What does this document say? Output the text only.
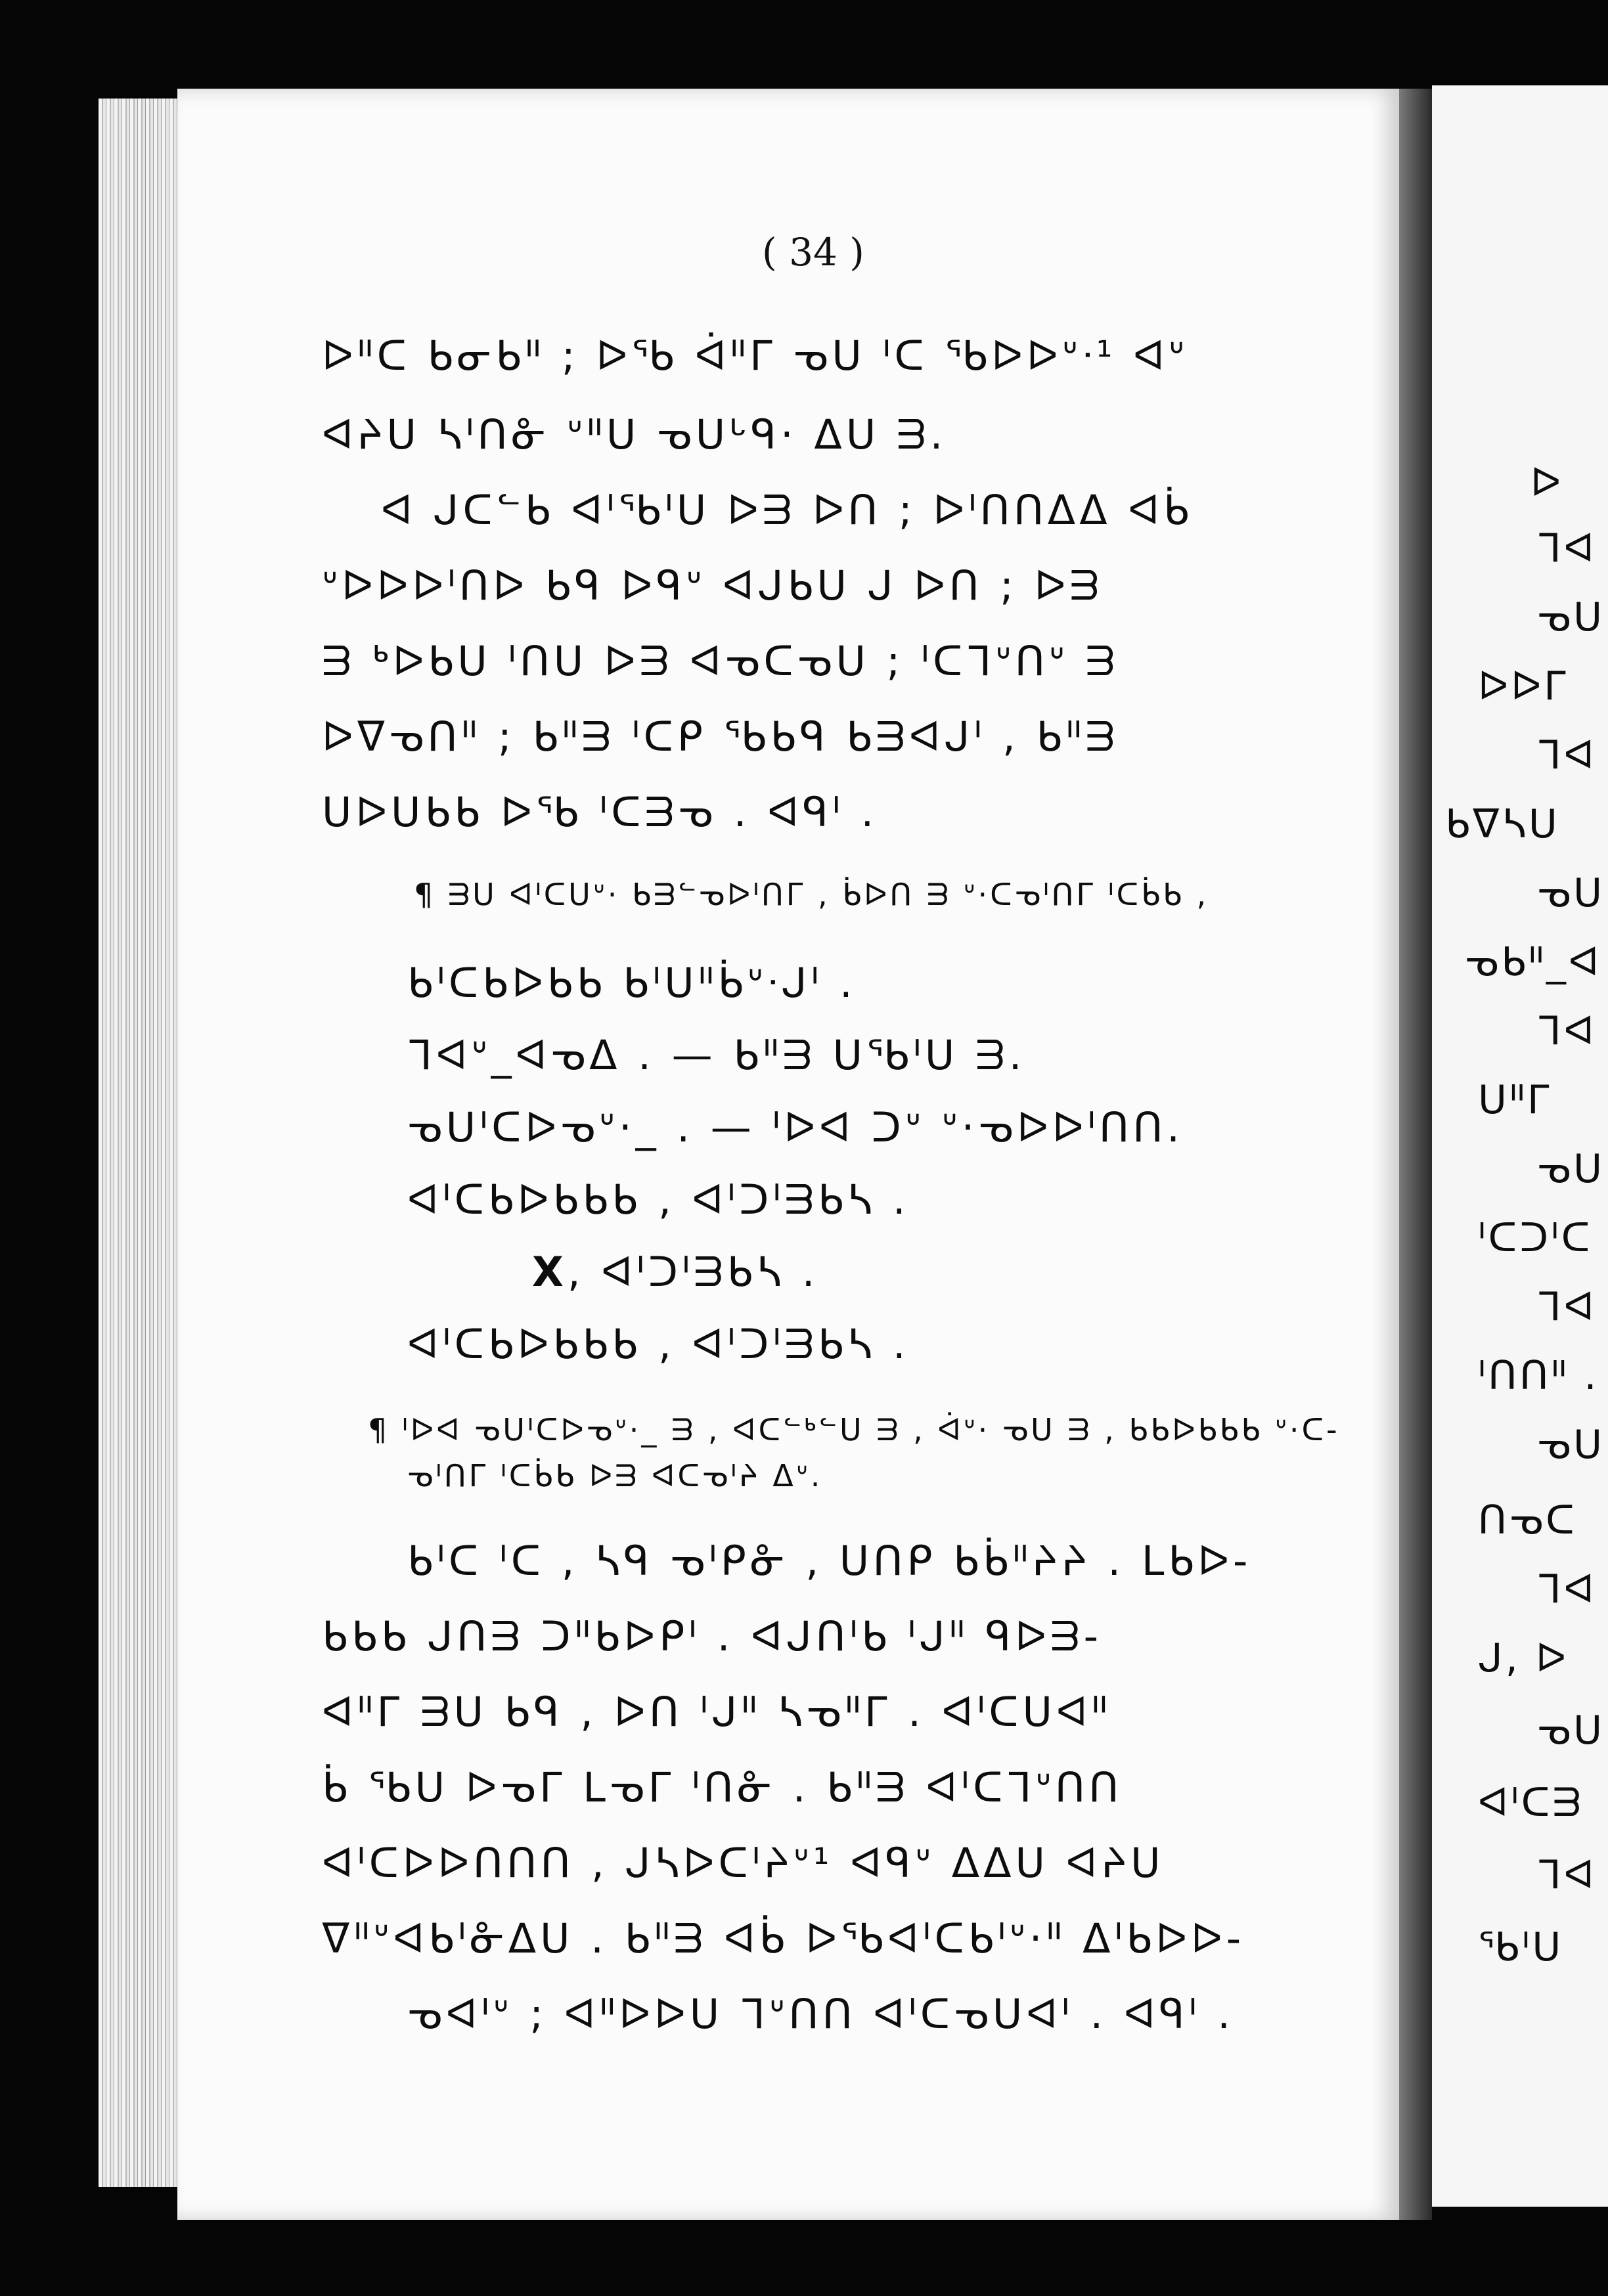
( 34 )
ᐅᐦᑕ ᑲᓂᑲᐦ ; ᐅᖃ ᐋᐦᒥ ᓀᑌ ᑊᑕ ᖃᐅᐅᐡᐧ¹ ᐊᐡ
ᐊᔨᑌ ᓴᑊᑎᓁ ᐡᐦᑌ ᓀᑌᒡᑫ· ᐃᑌ ᗱ.
ᐊ ᒍᑕᓪᑲ ᐊᑊᖃᑊᑌ ᐅᗱ ᐅᑎ ; ᐅᑊᑎᑎᐃᐃ ᐊᑳ
ᐡᐅᐅᐅᑊᑎᐅ ᑲᑫ ᐅᑫᐡ ᐊᒍᑲᑌ ᒍ ᐅᑎ ; ᐅᗱ
ᗱ ᒃᐅᑲᑌ ᑊᑎᑌ ᐅᗱ ᐊᓀᑕᓀᑌ ; ᑊᑕᒣᐡᑎᐡ ᗱ
ᐅᐁᓀᑎᐦ ; ᑲᐦᗱ ᑊᑕᑭ ᖃᑲᑫ ᑲᗱᐊᒍᑊ , ᑲᐦᗱ
ᑌᐅᑌᑲᑲ ᐅᖃ ᑊᑕᗱᓀ . ᐊᑫᑊ .
¶ ᗱᑌ ᐊᑊᑕᑌᐡ· ᑲᗱᓪᓀᐅᑊᑎᒥ , ᑳᐅᑎ ᗱ ᐡ·ᑕᓀᑊᑎᒥ ᑊᑕᑳᑲ ,
ᑲᑊᑕᑲᐅᑲᑲ ᑲᑊᑌᐦᑳᐡᐧᒍᑊ .
ᒣᐊᐡ_ᐊᓀᐃ . — ᑲᐦᗱ ᑌᖃᑊᑌ ᗱ.
ᓀᑌᑊᑕᐅᓀᐡ·_ . — ᑊᐅᐊ ᑐᐡ ᐡ·ᓀᐅᐅᑊᑎᑎ.
ᐊᑊᑕᑲᐅᑲᑲᑲ , ᐊᑊᑐᑊᗱᑲᓴ .
X, ᐊᑊᑐᑊᗱᑲᓴ .
ᐊᑊᑕᑲᐅᑲᑲᑲ , ᐊᑊᑐᑊᗱᑲᓴ .
¶ ᑊᐅᐊ ᓀᑌᑊᑕᐅᓀᐡ·_ ᗱ , ᐊᑕᓪᒃᓪᑌ ᗱ , ᐋᐡ· ᓀᑌ ᗱ , ᑲᑲᐅᑲᑲᑲ ᐡ·ᑕ-
ᓀᑊᑎᒥ ᑊᑕᑳᑲ ᐅᗱ ᐊᑕᓀᑊᔨ ᐃᐡ.
ᑲᑊᑕ ᑊᑕ , ᓴᑫ ᓀᑊᑭᓁ , ᑌᑎᑭ ᑲᑳᐦᔨᔨ . ᒪᑲᐅ-
ᑲᑲᑲ ᒍᑎᗱ ᑐᐦᑲᐅᑭᑊ . ᐊᒍᑎᑊᑲ ᑊᒍᐦ ᑫᐅᗱ-
ᐊᐦᒥ ᗱᑌ ᑲᑫ , ᐅᑎ ᑊᒍᐦ ᓴᓀᐦᒥ . ᐊᑊᑕᑌᐊᐦ
ᑳ ᖃᑌ ᐅᓀᒥ ᒪᓀᒥ ᑊᑎᓁ . ᑲᐦᗱ ᐊᑊᑕᒣᐡᑎᑎ
ᐊᑊᑕᐅᐅᑎᑎᑎ , ᒍᓴᐅᑕᑊᔨᐡ¹ ᐊᑫᐡ ᐃᐃᑌ ᐊᔨᑌ
ᐁᐦᐡᐊᑲᑊᓁᐃᑌ . ᑲᐦᗱ ᐊᑳ ᐅᖃᐊᑊᑕᑲᑊᐡ·ᐦ ᐃᑊᑲᐅᐅ-
ᓀᐊᑊᐡ ; ᐊᐦᐅᐅᑌ ᒣᐡᑎᑎ ᐊᑊᑕᓀᑌᐊᑊ . ᐊᑫᑊ .
ᐅ
ᒣᐊ
ᓀᑌ
ᐅᐅᒥ
ᒣᐊ
ᑲᐁᓴᑌ
ᓀᑌ
ᓀᑲᐦ_ᐊ
ᒣᐊ
ᑌᐦᒥ
ᓀᑌ
ᑊᑕᑐᑊᑕ
ᒣᐊ
ᑊᑎᑎᐦ .
ᓀᑌ
ᑎᓀᑕ
ᒣᐊ
ᒍ, ᐅ
ᓀᑌ
ᐊᑊᑕᗱ
ᒣᐊ
ᖃᑊᑌ
